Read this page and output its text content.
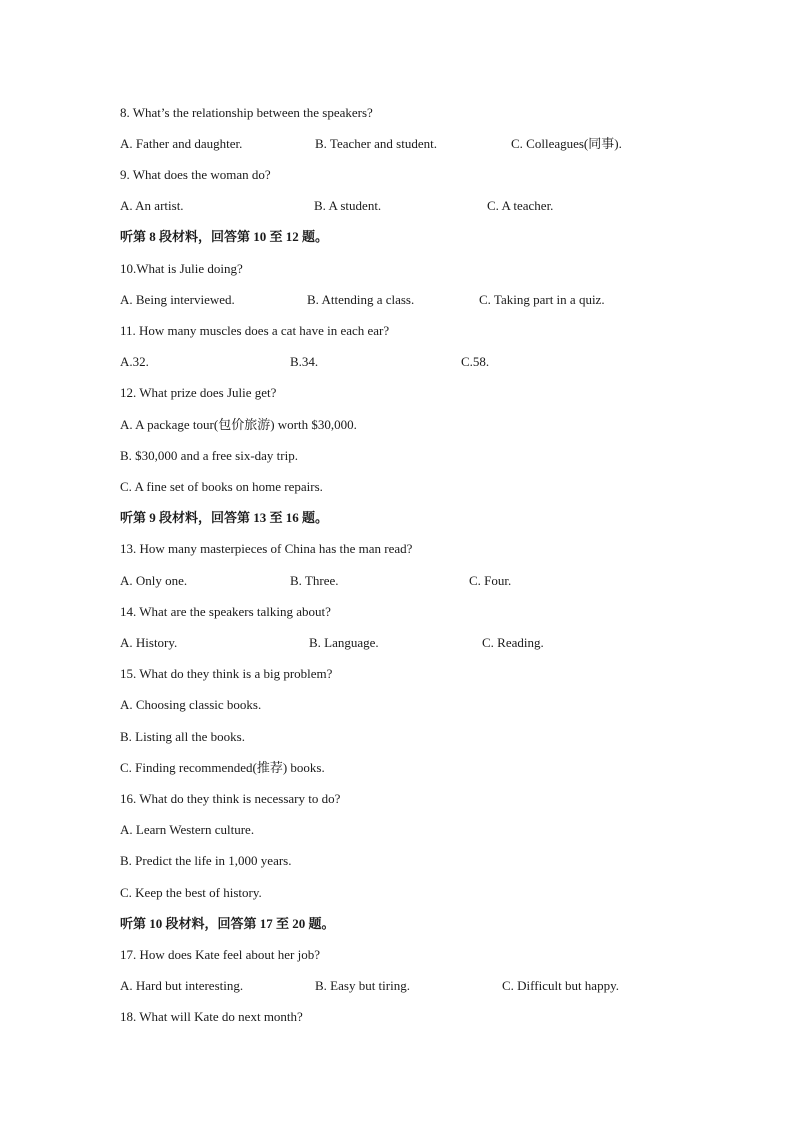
8. What’s the relationship between the speakers?
A. Father and daughter.	B. Teacher and student.	C. Colleagues(同事).
9. What does the woman do?
A. An artist.	B. A student.	C. A teacher.
听第 8 段材料，回答第 10 至 12 题。
10.What is Julie doing?
A. Being interviewed.	B. Attending a class.	C. Taking part in a quiz.
11. How many muscles does a cat have in each ear?
A.32.	B.34.	C.58.
12. What prize does Julie get?
A. A package tour(包价旅游) worth $30,000.
B. $30,000 and a free six-day trip.
C. A fine set of books on home repairs.
听第 9 段材料，回答第 13 至 16 题。
13. How many masterpieces of China has the man read?
A. Only one.	B. Three.	C. Four.
14. What are the speakers talking about?
A. History.	B. Language.	C. Reading.
15. What do they think is a big problem?
A. Choosing classic books.
B. Listing all the books.
C. Finding recommended(推荐) books.
16. What do they think is necessary to do?
A. Learn Western culture.
B. Predict the life in 1,000 years.
C. Keep the best of history.
听第 10 段材料，回答第 17 至 20 题。
17. How does Kate feel about her job?
A. Hard but interesting.	B. Easy but tiring.	C. Difficult but happy.
18. What will Kate do next month?
